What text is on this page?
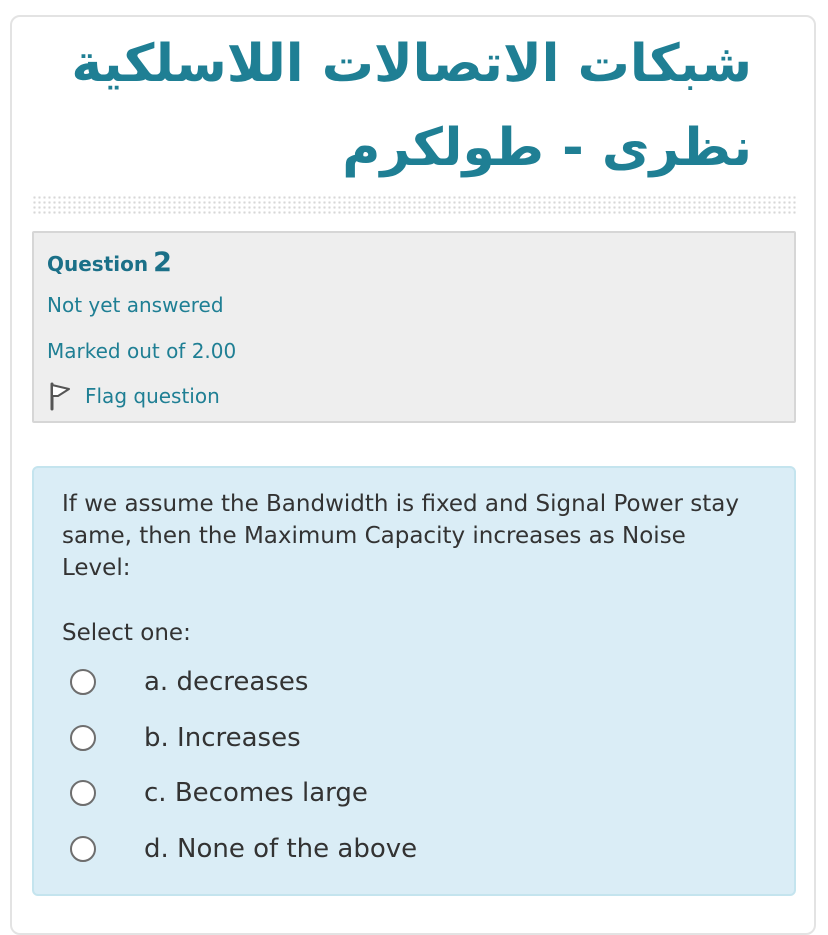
شبكات الاتصالات اللاسلكية نظرى - طولكرم
Question 2
Not yet answered
Marked out of 2.00
Flag question
If we assume the Bandwidth is fixed and Signal Power stay same, then the Maximum Capacity increases as Noise Level:
Select one:
a. decreases
b. Increases
c. Becomes large
d. None of the above
